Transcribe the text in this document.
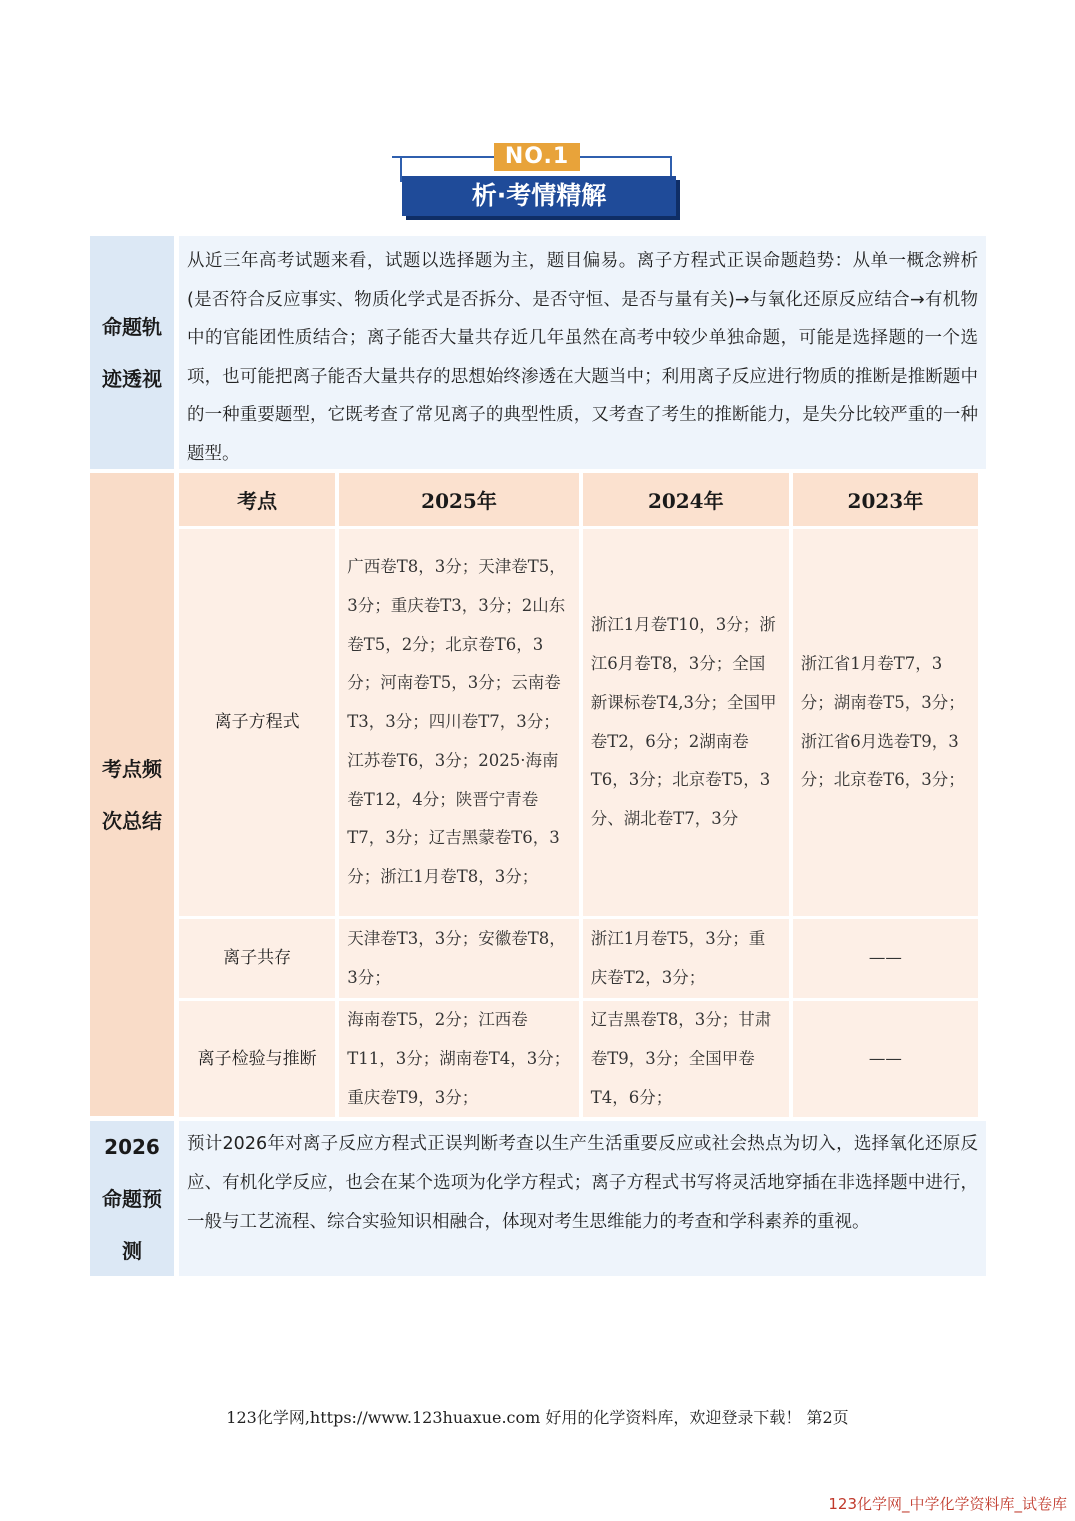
NO.1
析·考情精解
命题轨迹透视
从近三年高考试题来看，试题以选择题为主，题目偏易。离子方程式正误命题趋势：从单一概念辨析(是否符合反应事实、物质化学式是否拆分、是否守恒、是否与量有关)→与氧化还原反应结合→有机物中的官能团性质结合；离子能否大量共存近几年虽然在高考中较少单独命题，可能是选择题的一个选项，也可能把离子能否大量共存的思想始终渗透在大题当中；利用离子反应进行物质的推断是推断题中的一种重要题型，它既考查了常见离子的典型性质，又考查了考生的推断能力，是失分比较严重的一种题型。
考点频次总结
考点	2025年	2024年	2023年
离子方程式	广西卷T8，3分；天津卷T5，3分；重庆卷T3，3分；2山东卷T5，2分；北京卷T6，3分；河南卷T5，3分；云南卷T3，3分；四川卷T7，3分；江苏卷T6，3分；2025·海南卷T12，4分；陕晋宁青卷T7，3分；辽吉黑蒙卷T6，3分；浙江1月卷T8，3分；	浙江1月卷T10，3分；浙江6月卷T8，3分；全国新课标卷T4,3分；全国甲卷T2，6分；2湖南卷T6，3分；北京卷T5，3分、湖北卷T7，3分	浙江省1月卷T7，3分；湖南卷T5，3分；浙江省6月选卷T9，3分；北京卷T6，3分；
离子共存	天津卷T3，3分；安徽卷T8，3分；	浙江1月卷T5，3分；重庆卷T2，3分；	——
离子检验与推断	海南卷T5，2分；江西卷T11，3分；湖南卷T4，3分；重庆卷T9，3分；	辽吉黑卷T8，3分；甘肃卷T9，3分；全国甲卷T4，6分；	——
2026命题预测
预计2026年对离子反应方程式正误判断考查以生产生活重要反应或社会热点为切入，选择氧化还原反应、有机化学反应，也会在某个选项为化学方程式；离子方程式书写将灵活地穿插在非选择题中进行，一般与工艺流程、综合实验知识相融合，体现对考生思维能力的考查和学科素养的重视。
123化学网,https://www.123huaxue.com 好用的化学资料库，欢迎登录下载！ 第2页
123化学网_中学化学资料库_试卷库
